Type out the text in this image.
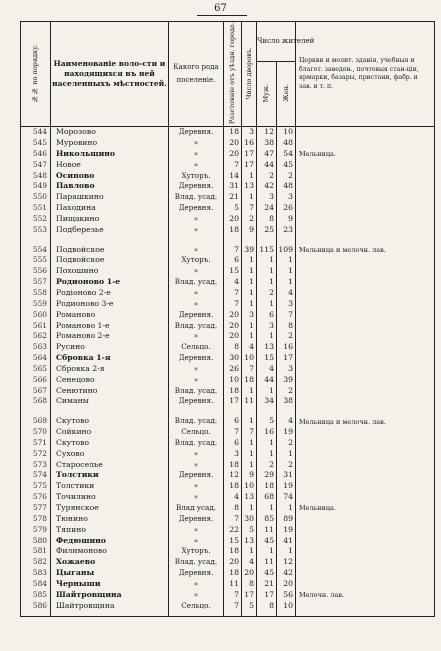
67
№№ по порядку.	Наименованіе воло-сти и находящихся въ ней населенныхъ мѣстностей.	Какого рода поселеніе.	Разстояніе отъ уѣздн. города.	Число дворовъ.	Число жителей		Церкви и молит. зданія, учебныя и благот. заведен., почтовыя стан-ціи, ярмарки, базары, пристани, фабр. и зав. и т. п.
					Муж.	Жен.	
544	Морозово	Деревня.	18	3	12	10	
545	Муровино	»	20	16	38	48	
546	Никольщино	»	20	17	47	54	Мельница.
547	Новое	»	7	17	44	45	
548	Осипово	Хуторъ.	14	1	2	2	
549	Павлово	Деревня.	31	13	42	48	
550	Парашкино	Влад. усад.	21	1	3	3	
551	Паходина	Деревня.	5	7	24	26	
552	Пищакино	»	20	2	8	9	
553	Подберезье	»	18	9	25	23	

554	Подвойское	»	7	39	115	109	Мельница и мелочн. лав.
555	Подвойское	Хуторъ.	6	1	1	1	
556	Похошино	»	15	1	1	1	
557	Родионово 1-е	Влад. усад.	4	1	1	1	
558	Родіоново 2-е	»	7	1	2	4	
559	Родионово 3-е	»	7	1	1	3	
560	Романово	Деревня.	20	3	6	7	
561	Романово 1-е	Влад. усад.	20	1	3	8	
562	Романово 2-е	»	20	1	1	2	
563	Русино	Сельцо.	8	4	13	16	
564	Сбровка 1-я	Деревня.	30	10	15	17	
565	Сбровка 2-я	»	26	7	4	3	
566	Сенецово	»	10	18	44	39	
567	Сенютино	Влад. усад.	18	1	1	2	
568	Симаны	Деревня.	17	11	34	38	

569	Скутово	Влад. усад.	6	1	5	4	Мельница и мелочн. лав.
570	Сойкино	Сельцо.	7	7	16	19	
571	Скутово	Влад. усад.	6	1	1	2	
572	Сухово	»	3	1	1	1	
573	Староселье	»	18	1	2	2	
574	Толстики	Деревня.	12	9	29	31	
575	Толстики	»	18	10	18	19	
576	Точилино	»	4	13	68	74	
577	Турянское	Влад усад.	8	1	1	1	Мельница.
578	Тюнино	Деревня.	7	30	85	89	
579	Тяпино	«	22	5	11	19	
580	Федюшино	«	15	13	45	41	
581	Филимоново	Хуторъ.	18	1	1	1	
582	Хожаево	Влад. усад.	20	4	11	12	
583	Цыганы	Деревня.	18	20	45	42	
584	Черныши	»	11	8	21	20	
585	Шайтровщина	»	7	17	17	56	Мелочн. лав.
586	Шайтровщина	Сельцо.	7	5	8	10	
